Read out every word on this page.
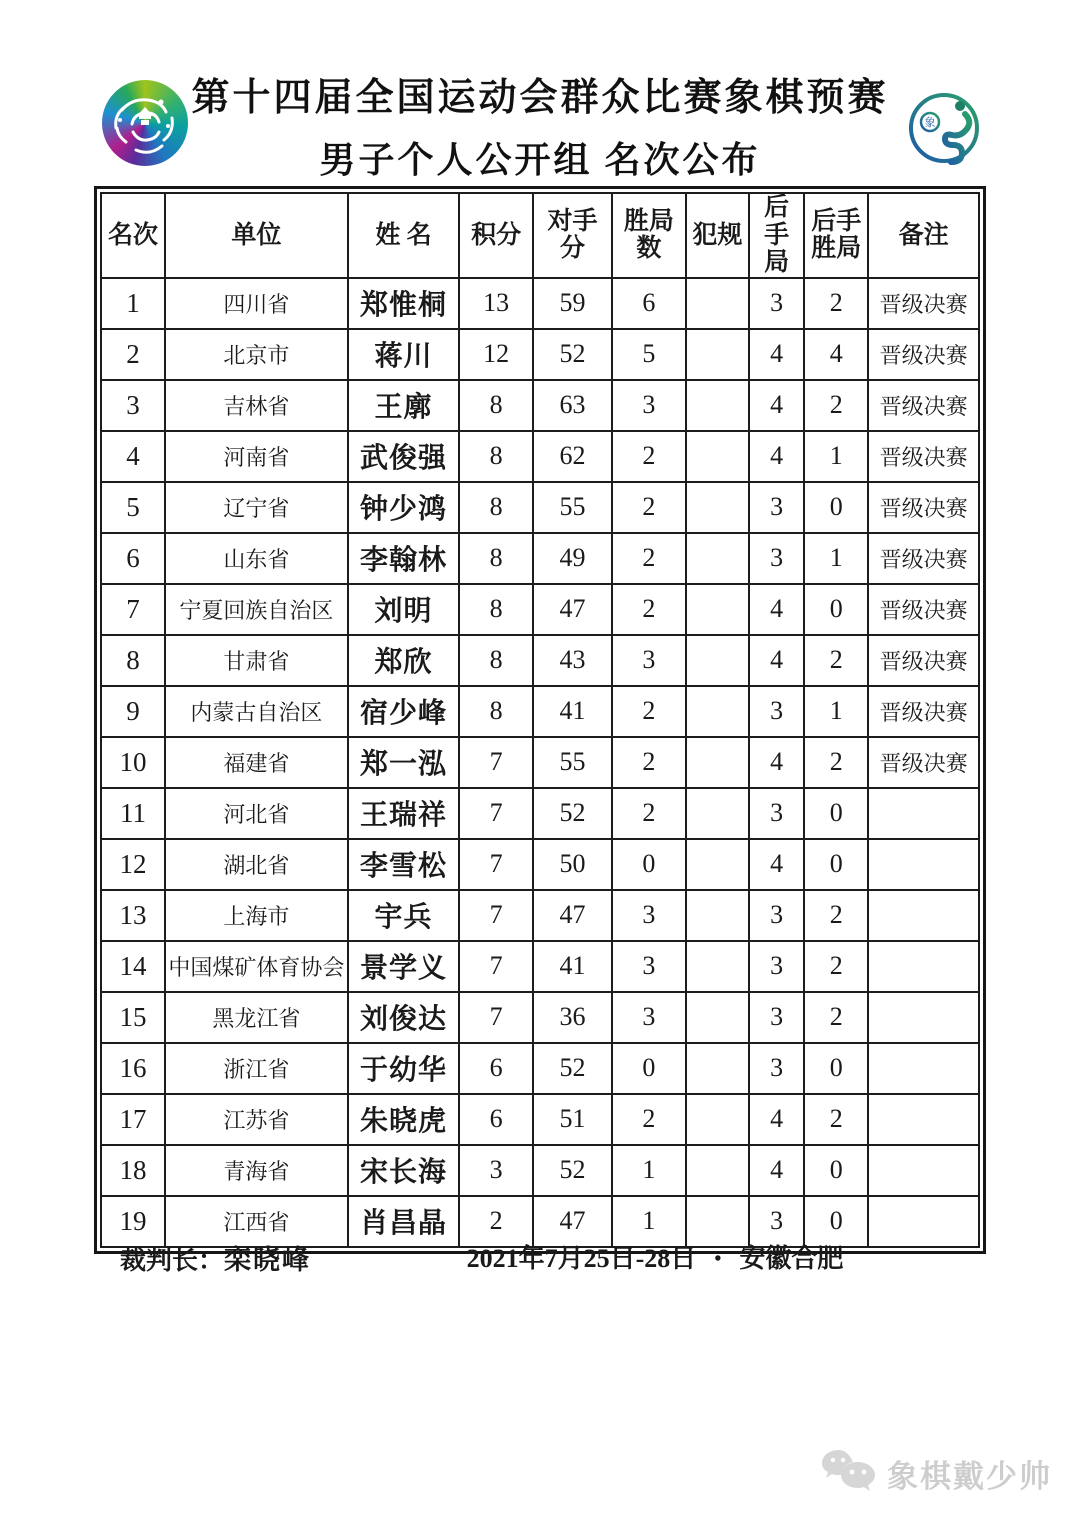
第十四届全国运动会群众比赛象棋预赛
男子个人公开组 名次公布
象
名次	单位	姓 名	积分	对手分	胜局数	犯规	后手局	后手胜局	备注
1	四川省	郑惟桐	13	59	6		3	2	晋级决赛
2	北京市	蒋川	12	52	5		4	4	晋级决赛
3	吉林省	王廓	8	63	3		4	2	晋级决赛
4	河南省	武俊强	8	62	2		4	1	晋级决赛
5	辽宁省	钟少鸿	8	55	2		3	0	晋级决赛
6	山东省	李翰林	8	49	2		3	1	晋级决赛
7	宁夏回族自治区	刘明	8	47	2		4	0	晋级决赛
8	甘肃省	郑欣	8	43	3		4	2	晋级决赛
9	内蒙古自治区	宿少峰	8	41	2		3	1	晋级决赛
10	福建省	郑一泓	7	55	2		4	2	晋级决赛
11	河北省	王瑞祥	7	52	2		3	0	
12	湖北省	李雪松	7	50	0		4	0	
13	上海市	宇兵	7	47	3		3	2	
14	中国煤矿体育协会	景学义	7	41	3		3	2	
15	黑龙江省	刘俊达	7	36	3		3	2	
16	浙江省	于幼华	6	52	0		3	0	
17	江苏省	朱晓虎	6	51	2		4	2	
18	青海省	宋长海	3	52	1		4	0	
19	江西省	肖昌晶	2	47	1		3	0	
裁判长：栾晓峰	2021年7月25日-28日 • 安徽合肥
象棋戴少帅
